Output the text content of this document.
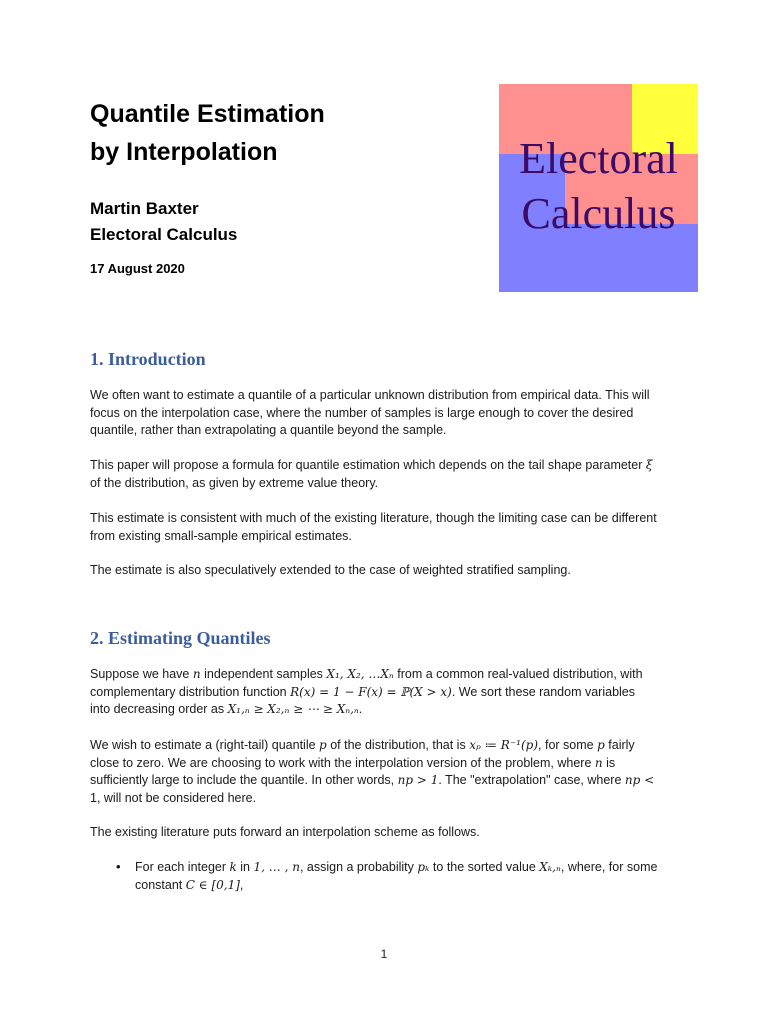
Quantile Estimation
by Interpolation
Martin Baxter
Electoral Calculus
17 August 2020
Electoral
Calculus
1. Introduction
We often want to estimate a quantile of a particular unknown distribution from empirical data. This will
focus on the interpolation case, where the number of samples is large enough to cover the desired
quantile, rather than extrapolating a quantile beyond the sample.
This paper will propose a formula for quantile estimation which depends on the tail shape parameter ξ
of the distribution, as given by extreme value theory.
This estimate is consistent with much of the existing literature, though the limiting case can be different
from existing small-sample empirical estimates.
The estimate is also speculatively extended to the case of weighted stratified sampling.
2. Estimating Quantiles
Suppose we have n independent samples X₁, X₂, …Xₙ from a common real-valued distribution, with
complementary distribution function R(x) = 1 − F(x) = ℙ(X > x). We sort these random variables
into decreasing order as X₁,ₙ ≥ X₂,ₙ ≥ ⋯ ≥ Xₙ,ₙ.
We wish to estimate a (right-tail) quantile p of the distribution, that is xₚ ≔ R⁻¹(p), for some p fairly
close to zero. We are choosing to work with the interpolation version of the problem, where n is
sufficiently large to include the quantile. In other words, np > 1. The "extrapolation" case, where np <
1, will not be considered here.
The existing literature puts forward an interpolation scheme as follows.
• For each integer k in 1, … , n, assign a probability pₖ to the sorted value Xₖ,ₙ, where, for some
constant C ∈ [0,1],
1
